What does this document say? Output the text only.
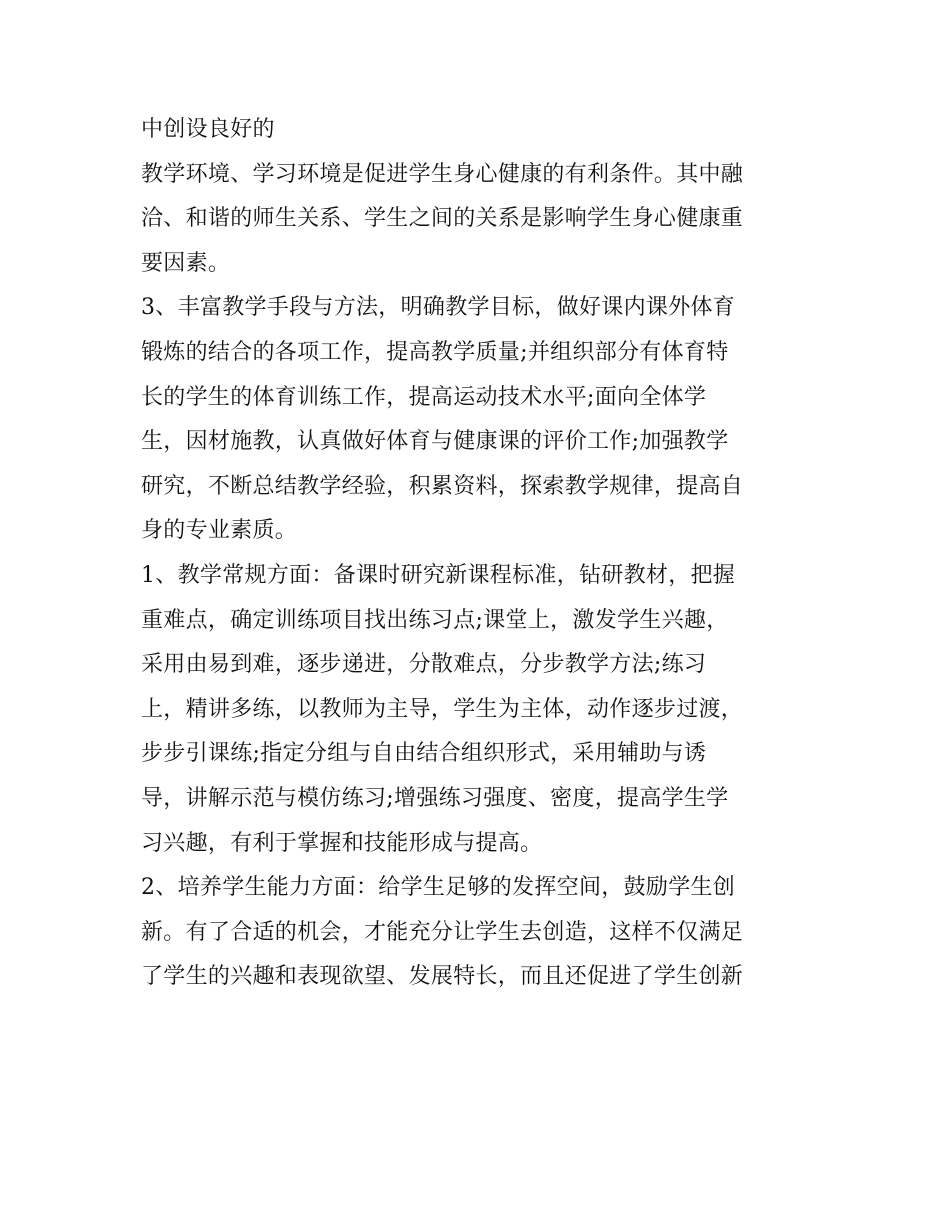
中创设良好的

教学环境、学习环境是促进学生身心健康的有利条件。其中融

洽、和谐的师生关系、学生之间的关系是影响学生身心健康重

要因素。

3、丰富教学手段与方法，明确教学目标，做好课内课外体育

锻炼的结合的各项工作，提高教学质量;并组织部分有体育特

长的学生的体育训练工作，提高运动技术水平;面向全体学

生，因材施教，认真做好体育与健康课的评价工作;加强教学

研究，不断总结教学经验，积累资料，探索教学规律，提高自

身的专业素质。

1、教学常规方面：备课时研究新课程标准，钻研教材，把握

重难点，确定训练项目找出练习点;课堂上，激发学生兴趣，

采用由易到难，逐步递进，分散难点，分步教学方法;练习

上，精讲多练，以教师为主导，学生为主体，动作逐步过渡，

步步引课练;指定分组与自由结合组织形式，采用辅助与诱

导，讲解示范与模仿练习;增强练习强度、密度，提高学生学

习兴趣，有利于掌握和技能形成与提高。

2、培养学生能力方面：给学生足够的发挥空间，鼓励学生创

新。有了合适的机会，才能充分让学生去创造，这样不仅满足

了学生的兴趣和表现欲望、发展特长，而且还促进了学生创新
